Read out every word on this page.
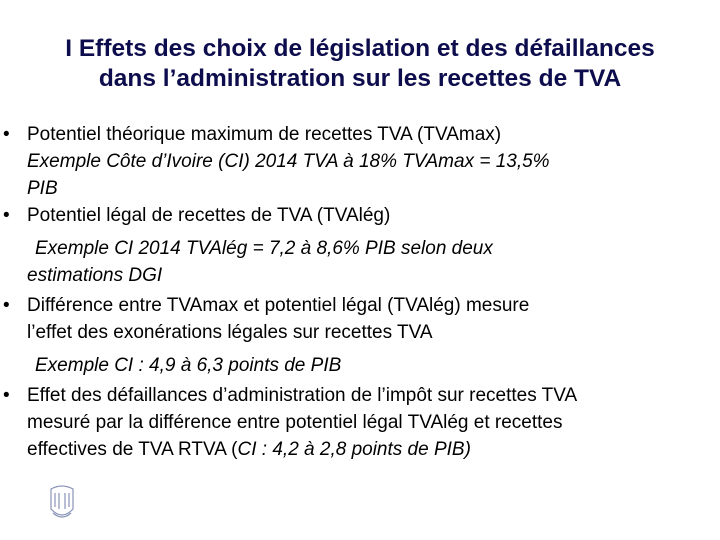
I Effets des choix de législation et des défaillances
dans l’administration sur les recettes de TVA
• Potentiel théorique maximum de recettes TVA (TVAmax)
Exemple Côte d’Ivoire (CI) 2014 TVA à 18% TVAmax = 13,5%
PIB
• Potentiel légal de recettes de TVA (TVAlég)
Exemple CI 2014 TVAlég = 7,2 à 8,6% PIB selon deux
estimations DGI
• Différence entre TVAmax et potentiel légal (TVAlég) mesure
l’effet des exonérations légales sur recettes TVA
Exemple CI : 4,9 à 6,3 points de PIB
• Effet des défaillances d’administration de l’impôt sur recettes TVA
mesuré par la différence entre potentiel légal TVAlég et recettes
effectives de TVA RTVA (CI : 4,2 à 2,8 points de PIB)
